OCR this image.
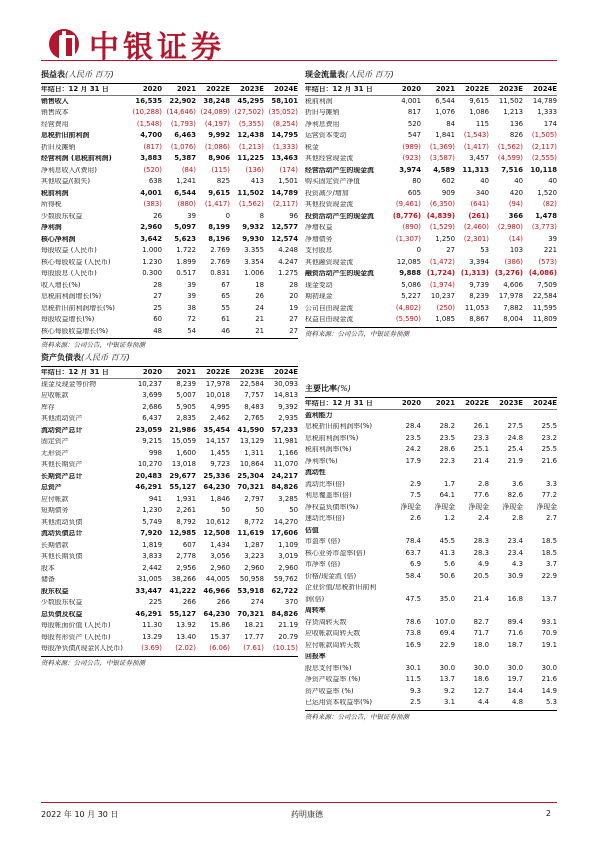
中银证券
损益表(人民币 百万)
年结日：12 月 31 日	2020	2021	2022E	2023E	2024E
销售收入	16,535	22,902	38,248	45,295	58,101
销售成本	(10,288) (14,646) (24,089) (27,502) (35,052)
经营费用	(1,548)	(1,793)	(4,197)	(5,355)	(8,254)
息税折旧前利润	4,700	6,463	9,992	12,438	14,795
折旧及摊销	(817)	(1,076)	(1,086)	(1,213)	(1,333)
经营利润 (息税前利润)	3,883	5,387	8,906	11,225	13,463
净利息收入/(费用)	(520)	(84)	(115)	(136)	(174)
其他收益/(损失)	638	1,241	825	413	1,501
税前利润	4,001	6,544	9,615	11,502	14,789
所得税	(383)	(880)	(1,417)	(1,562)	(2,117)
少数股东权益	26	39	0	8	96
净利润	2,960	5,097	8,199	9,932	12,577
核心净利润	3,642	5,623	8,196	9,930	12,574
每股收益 (人民币)	1.000	1.722	2.769	3.355	4.248
核心每股收益 (人民币)	1.230	1.899	2.769	3.354	4.247
每股股息 (人民币)	0.300	0.517	0.831	1.006	1.275
收入增长(%)	28	39	67	18	28
息税前利润增长(%)	27	39	65	26	20
息税折旧前利润增长(%)	25	38	55	24	19
每股收益增长(%)	60	72	61	21	27
核心每股收益增长(%)	48	54	46	21	27
资料来源：公司公告，中银证券预测
现金流量表(人民币 百万)
年结日：12 月 31 日	2020	2021	2022E	2023E	2024E
税前利润	4,001	6,544	9,615	11,502	14,789
折旧与摊销	817	1,076	1,086	1,213	1,333
净利息费用	520	84	115	136	174
运营资本变动	547	1,841	(1,543)	826	(1,505)
税金	(989)	(1,369)	(1,417)	(1,562)	(2,117)
其他经营现金流	(923)	(3,587)	3,457	(4,599)	(2,555)
经营活动产生的现金流	3,974	4,589	11,313	7,516	10,118
购买固定资产净值	80	602	40	40	40
投资减少/增加	605	909	340	420	1,520
其他投资现金流	(9,461)	(6,350)	(641)	(94)	(82)
投资活动产生的现金流	(8,776) (4,839)	(261)	366	1,478
净增权益	(890)	(1,529)	(2,460)	(2,980)	(3,773)
净增债务	(1,307)	1,250	(2,301)	(14)	39
支付股息	0	27	53	103	221
其他融资现金流	12,085	(1,472)	3,394	(386)	(573)
融资活动产生的现金流	9,888 (1,724) (1,313) (3,276) (4,086)
现金变动	5,086	(1,974)	9,739	4,606	7,509
期初现金	5,227	10,237	8,239	17,978	22,584
公司自由现金流	(4,802)	(250)	11,053	7,882	11,595
权益自由现金流	(5,590)	1,085	8,867	8,004	11,809
资料来源：公司公告，中银证券预测
资产负债表(人民币 百万)
年结日：12 月 31 日	2020	2021	2022E	2023E	2024E
现金及现金等价物	10,237	8,239	17,978	22,584	30,093
应收帐款	3,699	5,007	10,018	7,757	14,813
库存	2,686	5,905	4,995	8,483	9,392
其他流动资产	6,437	2,835	2,462	2,765	2,935
流动资产总计	23,059	21,986	35,454	41,590	57,233
固定资产	9,215	15,059	14,157	13,129	11,981
无形资产	998	1,600	1,455	1,311	1,166
其他长期资产	10,270	13,018	9,723	10,864	11,070
长期资产总计	20,483	29,677	25,336	25,304	24,217
总资产	46,291	55,127	64,230	70,321	84,826
应付帐款	941	1,931	1,846	2,797	3,285
短期债务	1,230	2,261	50	50	50
其他流动负债	5,749	8,792	10,612	8,772	14,270
流动负债总计	7,920	12,985	12,508	11,619	17,606
长期借款	1,819	607	1,434	1,287	1,109
其他长期负债	3,833	2,778	3,056	3,223	3,019
股本	2,442	2,956	2,960	2,960	2,960
储备	31,005	38,266	44,005	50,958	59,762
股东权益	33,447	41,222	46,966	53,918	62,722
少数股东权益	225	266	266	274	370
总负债及权益	46,291	55,127	64,230	70,321	84,826
每股帐面价值 (人民币)	11.30	13.92	15.86	18.21	21.19
每股有形资产 (人民币)	13.29	13.40	15.37	17.77	20.79
每股净负债/(现金)(人民币)	(3.69)	(2.02)	(6.06)	(7.61)	(10.15)
资料来源：公司公告，中银证券预测
主要比率(%)
年结日：12 月 31 日	2020	2021	2022E	2023E	2024E
盈利能力
息税折旧前利润率(%)	28.4	28.2	26.1	27.5	25.5
息税前利润率(%)	23.5	23.5	23.3	24.8	23.2
税前利润率(%)	24.2	28.6	25.1	25.4	25.5
净利率(%)	17.9	22.3	21.4	21.9	21.6
流动性
流动比率(倍)	2.9	1.7	2.8	3.6	3.3
利息覆盖率(倍)	7.5	64.1	77.6	82.6	77.2
净权益负债率(%)	净现金	净现金	净现金	净现金	净现金
速动比率(倍)	2.6	1.2	2.4	2.8	2.7
估值
市盈率 (倍)	78.4	45.5	28.3	23.4	18.5
核心业务市盈率(倍)	63.7	41.3	28.3	23.4	18.5
市净率 (倍)	6.9	5.6	4.9	4.3	3.7
价格/现金流 (倍)	58.4	50.6	20.5	30.9	22.9
企业价值/息税折旧前利
润(倍)	47.5	35.0	21.4	16.8	13.7
周转率
存货周转天数	78.6	107.0	82.7	89.4	93.1
应收帐款周转天数	73.8	69.4	71.7	71.6	70.9
应付帐款周转天数	16.9	22.9	18.0	18.7	19.1
回报率
股息支付率(%)	30.1	30.0	30.0	30.0	30.0
净资产收益率 (%)	11.5	13.7	18.6	19.7	21.6
资产收益率 (%)	9.3	9.2	12.7	14.4	14.9
已运用资本收益率(%)	2.5	3.1	4.4	4.8	5.3
资料来源：公司公告，中银证券预测
2022 年 10 月 30 日	药明康德	2
